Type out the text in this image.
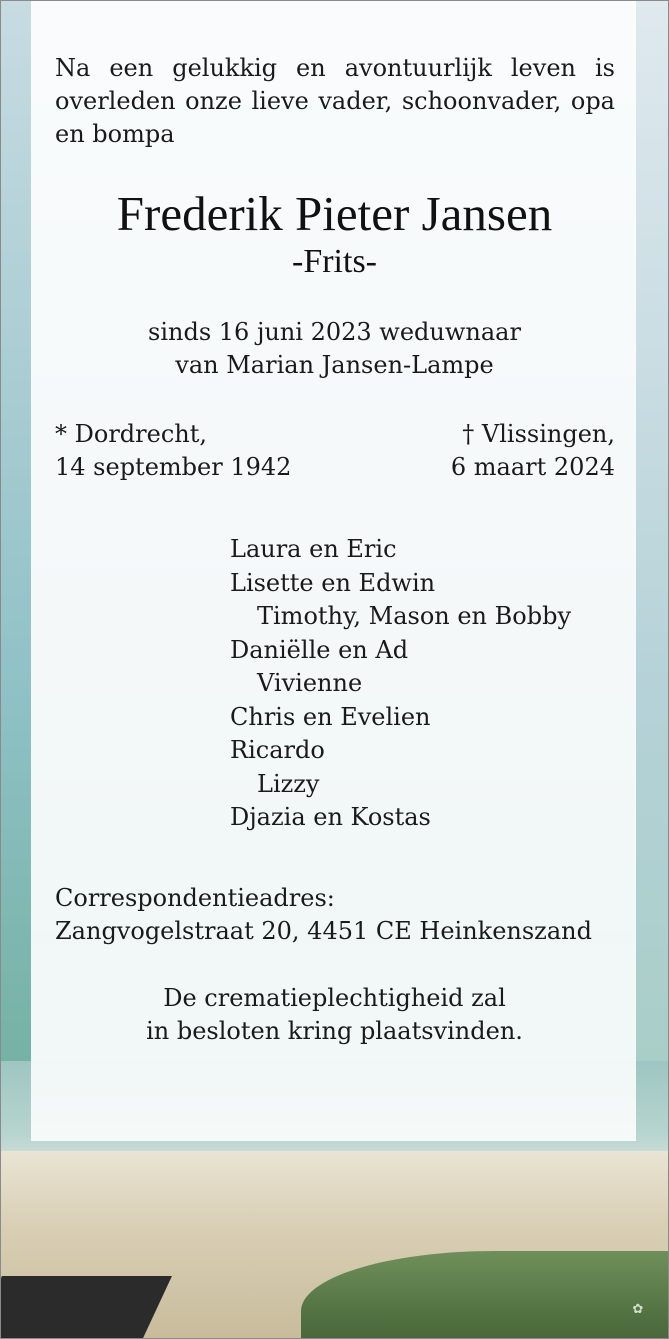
✿
Na een gelukkig en avontuurlijk leven is overleden onze lieve vader, schoonvader, opa en bompa
Frederik Pieter Jansen
-Frits-
sinds 16 juni 2023 weduwnaar
van Marian Jansen-Lampe
* Dordrecht,
14 september 1942
† Vlissingen,
6 maart 2024
Laura en Eric
Lisette en Edwin
Timothy, Mason en Bobby
Daniëlle en Ad
Vivienne
Chris en Evelien
Ricardo
Lizzy
Djazia en Kostas
Correspondentieadres:
Zangvogelstraat 20, 4451 CE Heinkenszand
De crematieplechtigheid zal
in besloten kring plaatsvinden.
